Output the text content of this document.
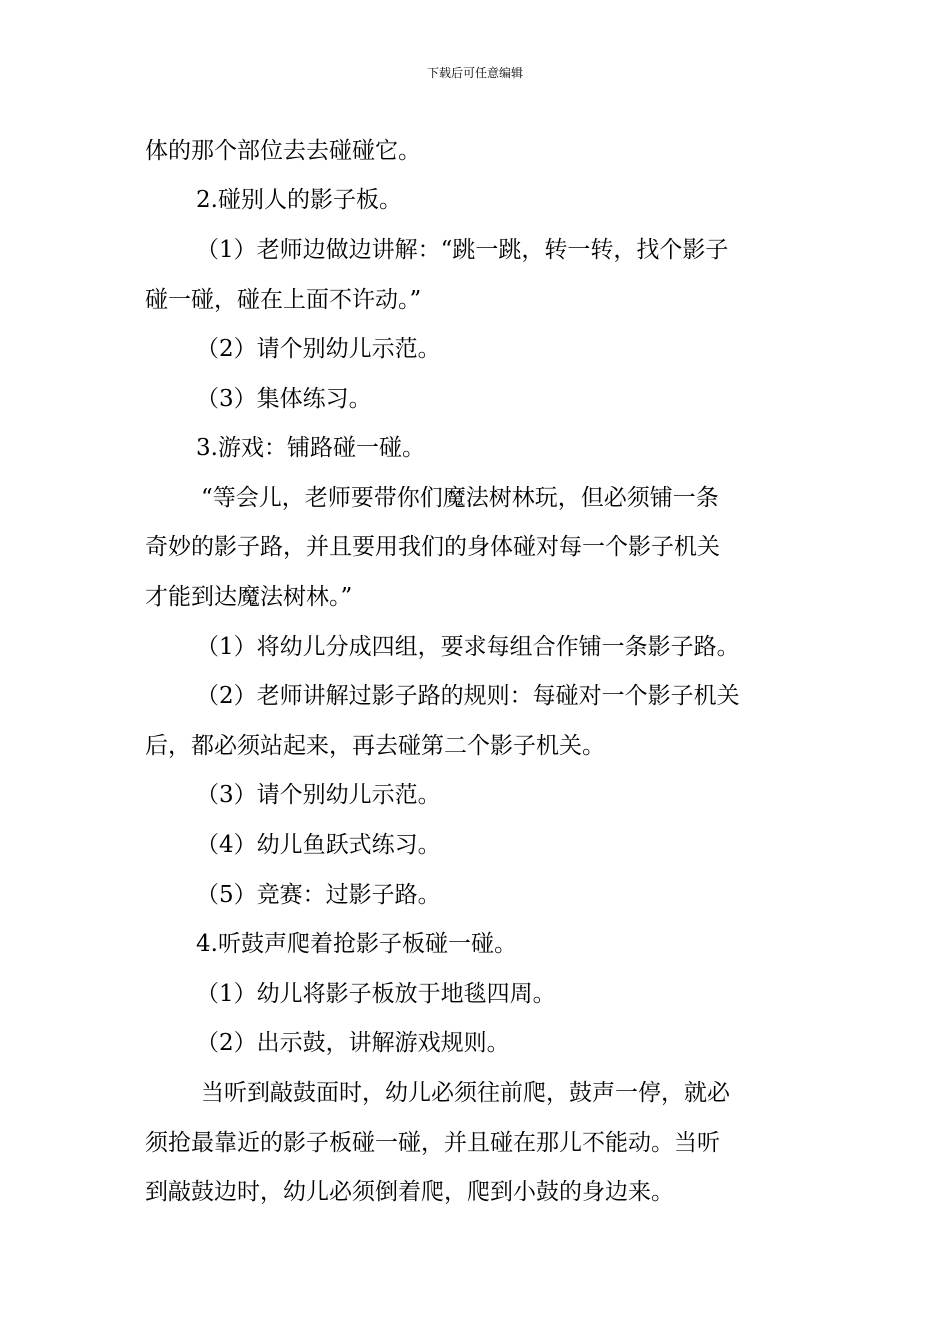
下载后可任意编辑
体的那个部位去去碰碰它。
2.碰别人的影子板。
（1）老师边做边讲解：“跳一跳，转一转，找个影子
碰一碰，碰在上面不许动。”
（2）请个别幼儿示范。
（3）集体练习。
3.游戏：铺路碰一碰。
“等会儿，老师要带你们魔法树林玩，但必须铺一条
奇妙的影子路，并且要用我们的身体碰对每一个影子机关
才能到达魔法树林。”
（1）将幼儿分成四组，要求每组合作铺一条影子路。
（2）老师讲解过影子路的规则：每碰对一个影子机关
后，都必须站起来，再去碰第二个影子机关。
（3）请个别幼儿示范。
（4）幼儿鱼跃式练习。
（5）竞赛：过影子路。
4.听鼓声爬着抢影子板碰一碰。
（1）幼儿将影子板放于地毯四周。
（2）出示鼓，讲解游戏规则。
当听到敲鼓面时，幼儿必须往前爬，鼓声一停，就必
须抢最靠近的影子板碰一碰，并且碰在那儿不能动。当听
到敲鼓边时，幼儿必须倒着爬，爬到小鼓的身边来。
